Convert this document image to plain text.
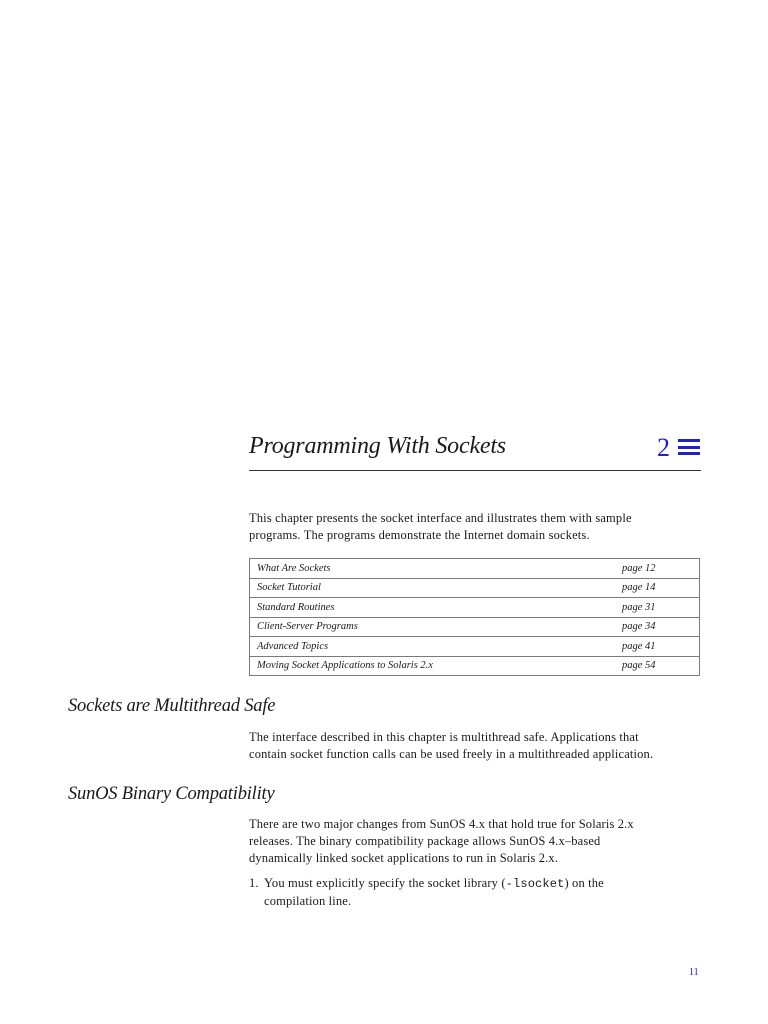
Programming With Sockets	2
This chapter presents the socket interface and illustrates them with sample
programs. The programs demonstrate the Internet domain sockets.
What Are Sockets	page 12
Socket Tutorial	page 14
Standard Routines	page 31
Client-Server Programs	page 34
Advanced Topics	page 41
Moving Socket Applications to Solaris 2.x	page 54
Sockets are Multithread Safe
The interface described in this chapter is multithread safe. Applications that
contain socket function calls can be used freely in a multithreaded application.
SunOS Binary Compatibility
There are two major changes from SunOS 4.x that hold true for Solaris 2.x
releases. The binary compatibility package allows SunOS 4.x–based
dynamically linked socket applications to run in Solaris 2.x.
1. You must explicitly specify the socket library (-lsocket) on the
compilation line.
11
